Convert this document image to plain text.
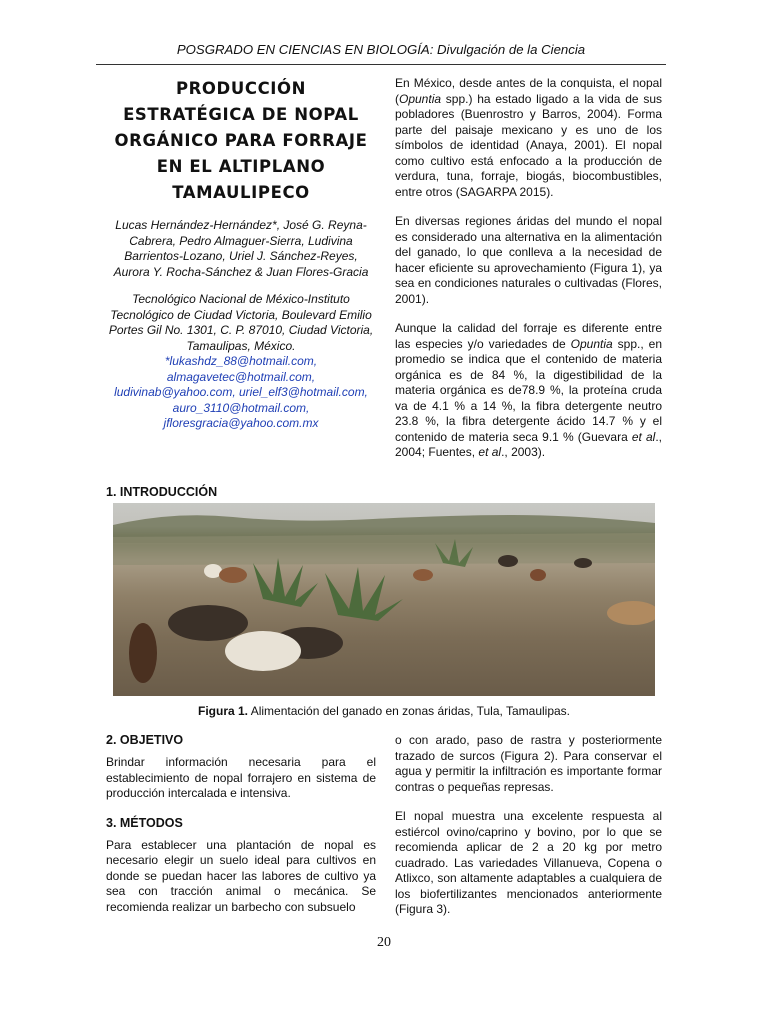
POSGRADO EN CIENCIAS EN BIOLOGÍA: Divulgación de la Ciencia
PRODUCCIÓN
ESTRATÉGICA DE NOPAL
ORGÁNICO PARA FORRAJE
EN EL ALTIPLANO
TAMAULIPECO

Lucas Hernández-Hernández*, José G. Reyna-Cabrera, Pedro Almaguer-Sierra, Ludivina Barrientos-Lozano, Uriel J. Sánchez-Reyes, Aurora Y. Rocha-Sánchez & Juan Flores-Gracia

Tecnológico Nacional de México-Instituto Tecnológico de Ciudad Victoria, Boulevard Emilio Portes Gil No. 1301, C. P. 87010, Ciudad Victoria, Tamaulipas, México.
*lukashdz_88@hotmail.com,
almagavetec@hotmail.com,
ludivinab@yahoo.com, uriel_elf3@hotmail.com,
auro_3110@hotmail.com,
jfloresgracia@yahoo.com.mx

En México, desde antes de la conquista, el nopal (Opuntia spp.) ha estado ligado a la vida de sus pobladores (Buenrostro y Barros, 2004). Forma parte del paisaje mexicano y es uno de los símbolos de identidad (Anaya, 2001). El nopal como cultivo está enfocado a la producción de verdura, tuna, forraje, biogás, biocombustibles, entre otros (SAGARPA 2015).

En diversas regiones áridas del mundo el nopal es considerado una alternativa en la alimentación del ganado, lo que conlleva a la necesidad de hacer eficiente su aprovechamiento (Figura 1), ya sea en condiciones naturales o cultivadas (Flores, 2001).

Aunque la calidad del forraje es diferente entre las especies y/o variedades de Opuntia spp., en promedio se indica que el contenido de materia orgánica es de 84 %, la digestibilidad de la materia orgánica es de78.9 %, la proteína cruda va de 4.1 % a 14 %, la fibra detergente neutro 23.8 %, la fibra detergente ácido 14.7 % y el contenido de materia seca 9.1 % (Guevara et al., 2004; Fuentes, et al., 2003).

1. INTRODUCCIÓN
Figura 1. Alimentación del ganado en zonas áridas, Tula, Tamaulipas.
2. OBJETIVO

Brindar información necesaria para el establecimiento de nopal forrajero en sistema de producción intercalada e intensiva.

3. MÉTODOS

Para establecer una plantación de nopal es necesario elegir un suelo ideal para cultivos en donde se puedan hacer las labores de cultivo ya sea con tracción animal o mecánica. Se recomienda realizar un barbecho con subsuelo

o con arado, paso de rastra y posteriormente trazado de surcos (Figura 2). Para conservar el agua y permitir la infiltración es importante formar contras o pequeñas represas.

El nopal muestra una excelente respuesta al estiércol ovino/caprino y bovino, por lo que se recomienda aplicar de 2 a 20 kg por metro cuadrado. Las variedades Villanueva, Copena o Atlixco, son altamente adaptables a cualquiera de los biofertilizantes mencionados anteriormente (Figura 3).

20
